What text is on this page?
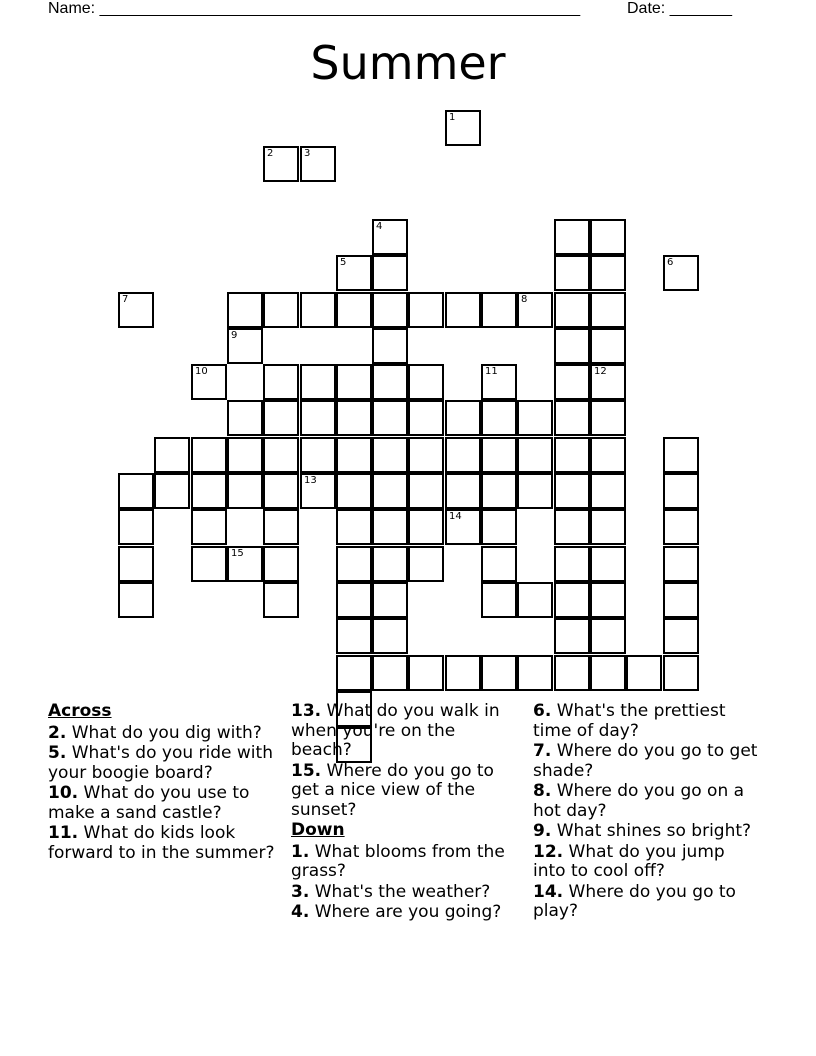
Name: ______________________________________________________	Date: _______
Summer
12
8
13
15
1
2	3
4
5	6
7
9
10	11
14
Across
2. What do you dig with?
5. What's do you ride with your boogie board?
10. What do you use to make a sand castle?
11. What do kids look forward to in the summer?
13. What do you walk in when you're on the beach?
15. Where do you go to get a nice view of the sunset?
Down
1. What blooms from the grass?
3. What's the weather?
4. Where are you going?
6. What's the prettiest time of day?
7. Where do you go to get shade?
8. Where do you go on a hot day?
9. What shines so bright?
12. What do you jump into to cool off?
14. Where do you go to play?
